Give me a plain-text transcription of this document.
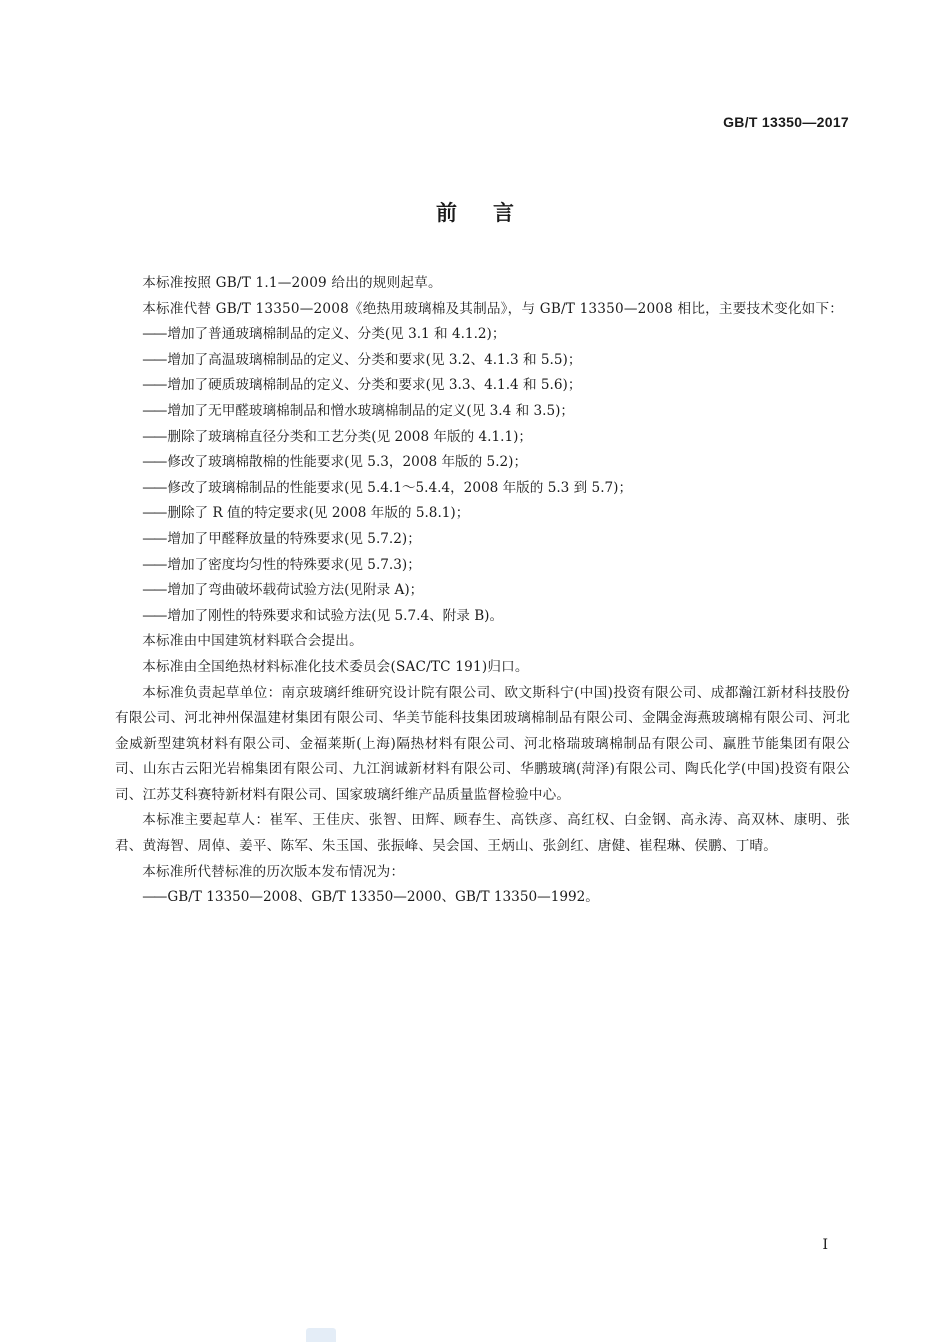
GB/T 13350—2017
前言

本标准按照 GB/T 1.1—2009 给出的规则起草。

本标准代替 GB/T 13350—2008《绝热用玻璃棉及其制品》，与 GB/T 13350—2008 相比，主要技术变化如下：

—— 增加了普通玻璃棉制品的定义、分类(见 3.1 和 4.1.2)；
—— 增加了高温玻璃棉制品的定义、分类和要求(见 3.2、4.1.3 和 5.5)；
—— 增加了硬质玻璃棉制品的定义、分类和要求(见 3.3、4.1.4 和 5.6)；
—— 增加了无甲醛玻璃棉制品和憎水玻璃棉制品的定义(见 3.4 和 3.5)；
—— 删除了玻璃棉直径分类和工艺分类(见 2008 年版的 4.1.1)；
—— 修改了玻璃棉散棉的性能要求(见 5.3，2008 年版的 5.2)；
—— 修改了玻璃棉制品的性能要求(见 5.4.1～5.4.4，2008 年版的 5.3 到 5.7)；
—— 删除了 R 值的特定要求(见 2008 年版的 5.8.1)；
—— 增加了甲醛释放量的特殊要求(见 5.7.2)；
—— 增加了密度均匀性的特殊要求(见 5.7.3)；
—— 增加了弯曲破坏载荷试验方法(见附录 A)；
—— 增加了刚性的特殊要求和试验方法(见 5.7.4、附录 B)。

本标准由中国建筑材料联合会提出。

本标准由全国绝热材料标准化技术委员会(SAC/TC 191)归口。

本标准负责起草单位：南京玻璃纤维研究设计院有限公司、欧文斯科宁(中国)投资有限公司、成都瀚江新材科技股份有限公司、河北神州保温建材集团有限公司、华美节能科技集团玻璃棉制品有限公司、金隅金海燕玻璃棉有限公司、河北金威新型建筑材料有限公司、金福莱斯(上海)隔热材料有限公司、河北格瑞玻璃棉制品有限公司、赢胜节能集团有限公司、山东古云阳光岩棉集团有限公司、九江润诚新材料有限公司、华鹏玻璃(菏泽)有限公司、陶氏化学(中国)投资有限公司、江苏艾科赛特新材料有限公司、国家玻璃纤维产品质量监督检验中心。

本标准主要起草人：崔军、王佳庆、张智、田辉、顾春生、高铁彦、高红权、白金钢、高永涛、高双林、康明、张君、黄海智、周倬、姜平、陈军、朱玉国、张振峰、吴会国、王炳山、张剑红、唐健、崔程琳、侯鹏、丁晴。

本标准所代替标准的历次版本发布情况为：

—— GB/T 13350—2008、GB/T 13350—2000、GB/T 13350—1992。
I
